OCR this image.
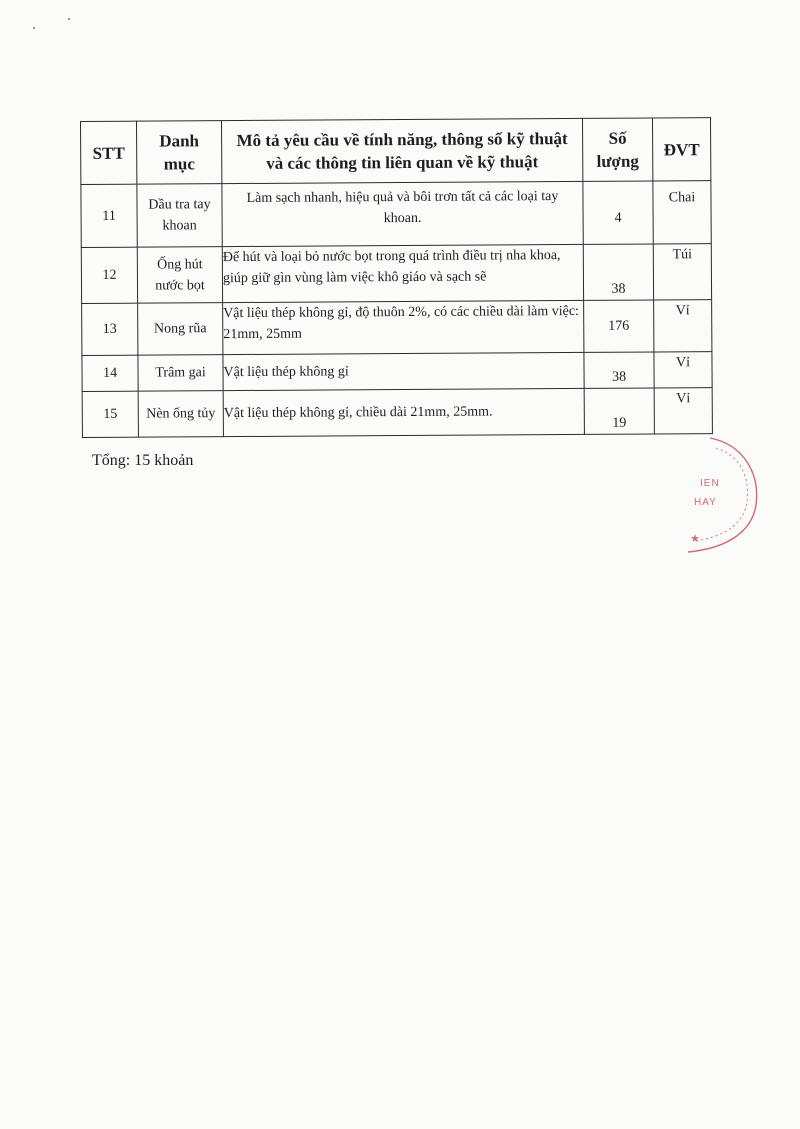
STT	Danh mục	Mô tả yêu cầu về tính năng, thông số kỹ thuật và các thông tin liên quan về kỹ thuật	Số lượng	ĐVT
11	Dầu tra tay khoan	Làm sạch nhanh, hiệu quả và bôi trơn tất cả các loại tay khoan.	4	Chai
12	Ống hút nước bọt	Để hút và loại bỏ nước bọt trong quá trình điều trị nha khoa, giúp giữ gìn vùng làm việc khô giáo và sạch sẽ	38	Túi
13	Nong rũa	Vật liệu thép không gỉ, độ thuôn 2%, có các chiều dài làm việc: 21mm, 25mm	176	Vỉ
14	Trâm gai	Vật liệu thép không gỉ	38	Vỉ
15	Nèn ống tủy	Vật liệu thép không gỉ, chiều dài 21mm, 25mm.	19	Vỉ
Tổng: 15 khoản
★
IEN
HAY
